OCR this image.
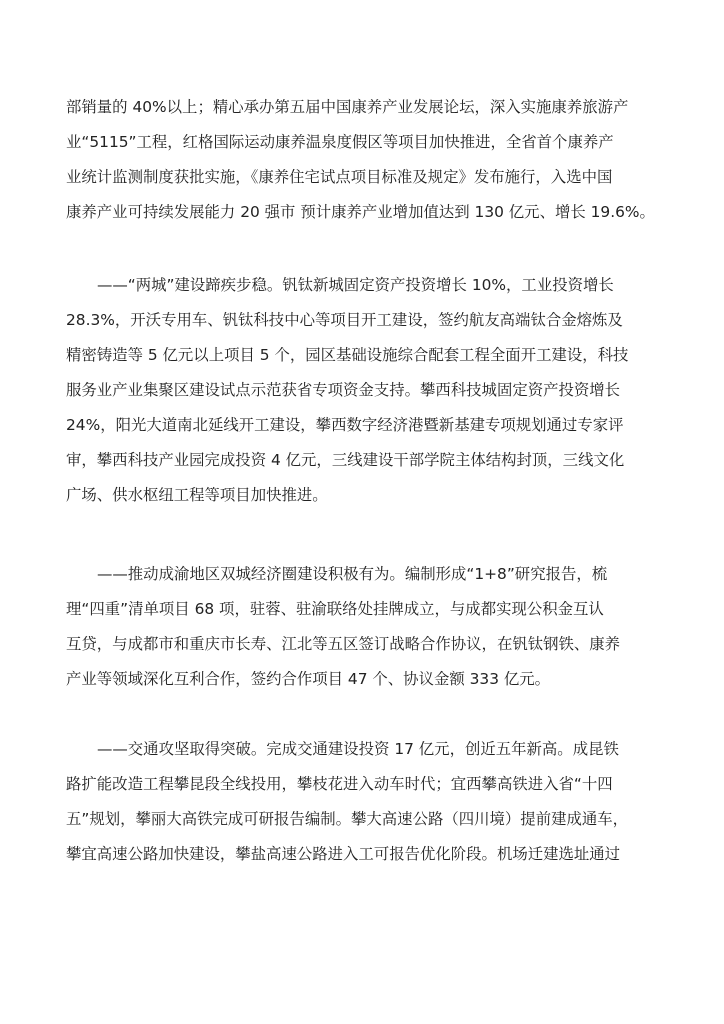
部销量的 40%以上；精心承办第五届中国康养产业发展论坛，深入实施康养旅游产
业“5115”工程，红格国际运动康养温泉度假区等项目加快推进，全省首个康养产
业统计监测制度获批实施，《康养住宅试点项目标准及规定》发布施行，入选中国
康养产业可持续发展能力 20 强市 预计康养产业增加值达到 130 亿元、增长 19.6%。
——“两城”建设蹄疾步稳。钒钛新城固定资产投资增长 10%，工业投资增长
28.3%，开沃专用车、钒钛科技中心等项目开工建设，签约航友高端钛合金熔炼及
精密铸造等 5 亿元以上项目 5 个，园区基础设施综合配套工程全面开工建设，科技
服务业产业集聚区建设试点示范获省专项资金支持。攀西科技城固定资产投资增长
24%，阳光大道南北延线开工建设，攀西数字经济港暨新基建专项规划通过专家评
审，攀西科技产业园完成投资 4 亿元，三线建设干部学院主体结构封顶，三线文化
广场、供水枢纽工程等项目加快推进。
——推动成渝地区双城经济圈建设积极有为。编制形成“1+8”研究报告，梳
理“四重”清单项目 68 项，驻蓉、驻渝联络处挂牌成立，与成都实现公积金互认
互贷，与成都市和重庆市长寿、江北等五区签订战略合作协议，在钒钛钢铁、康养
产业等领域深化互利合作，签约合作项目 47 个、协议金额 333 亿元。
——交通攻坚取得突破。完成交通建设投资 17 亿元，创近五年新高。成昆铁
路扩能改造工程攀昆段全线投用，攀枝花进入动车时代；宜西攀高铁进入省“十四
五”规划，攀丽大高铁完成可研报告编制。攀大高速公路（四川境）提前建成通车，
攀宜高速公路加快建设，攀盐高速公路进入工可报告优化阶段。机场迁建选址通过
